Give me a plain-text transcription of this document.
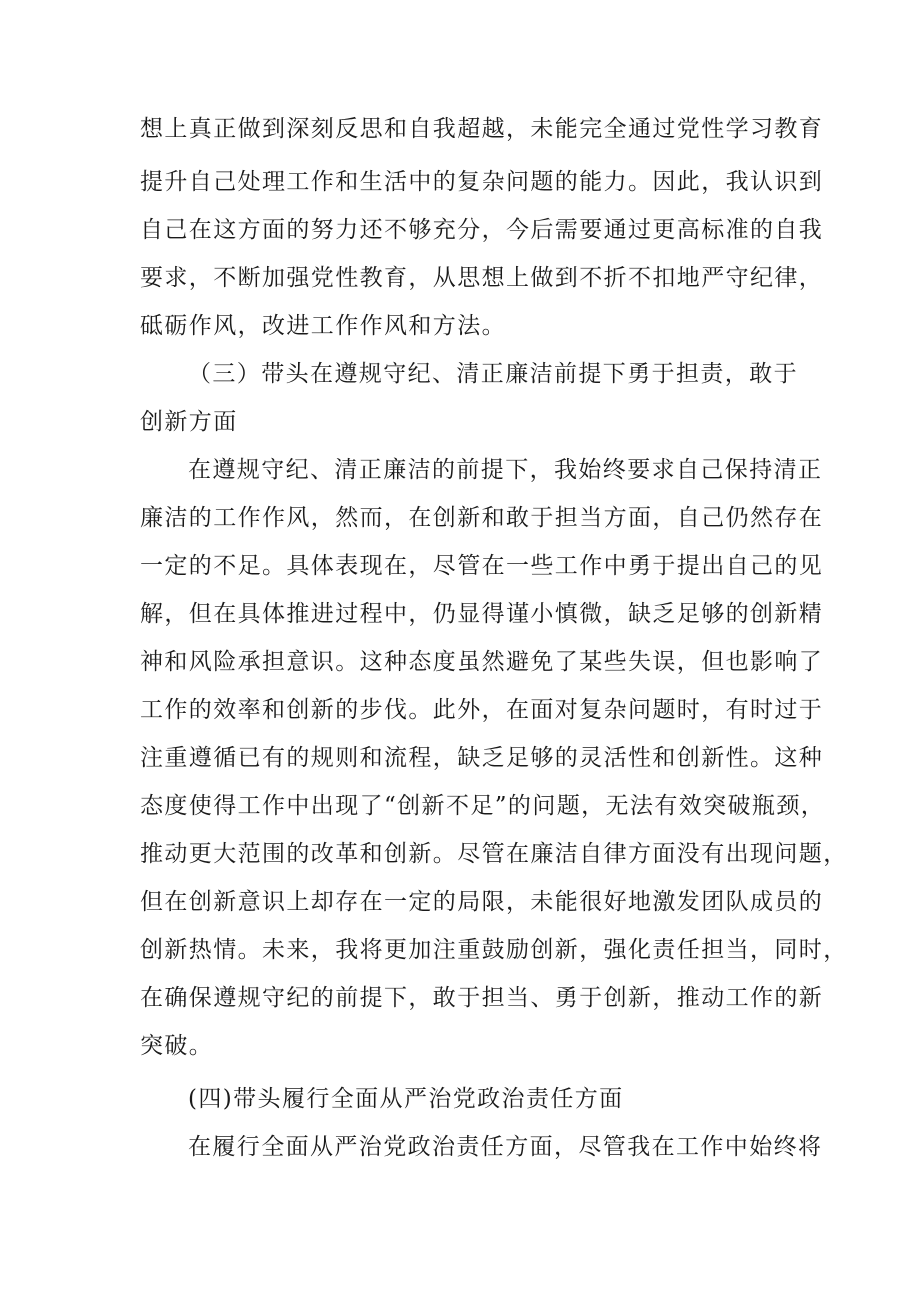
想上真正做到深刻反思和自我超越，未能完全通过党性学习教育
提升自己处理工作和生活中的复杂问题的能力。因此，我认识到
自己在这方面的努力还不够充分，今后需要通过更高标准的自我
要求，不断加强党性教育，从思想上做到不折不扣地严守纪律，
砥砺作风，改进工作作风和方法。
（三）带头在遵规守纪、清正廉洁前提下勇于担责，敢于
创新方面
在遵规守纪、清正廉洁的前提下，我始终要求自己保持清正
廉洁的工作作风，然而，在创新和敢于担当方面，自己仍然存在
一定的不足。具体表现在，尽管在一些工作中勇于提出自己的见
解，但在具体推进过程中，仍显得谨小慎微，缺乏足够的创新精
神和风险承担意识。这种态度虽然避免了某些失误，但也影响了
工作的效率和创新的步伐。此外，在面对复杂问题时，有时过于
注重遵循已有的规则和流程，缺乏足够的灵活性和创新性。这种
态度使得工作中出现了“创新不足”的问题，无法有效突破瓶颈，
推动更大范围的改革和创新。尽管在廉洁自律方面没有出现问题，
但在创新意识上却存在一定的局限，未能很好地激发团队成员的
创新热情。未来，我将更加注重鼓励创新，强化责任担当，同时，
在确保遵规守纪的前提下，敢于担当、勇于创新，推动工作的新
突破。
(四)带头履行全面从严治党政治责任方面
在履行全面从严治党政治责任方面，尽管我在工作中始终将
